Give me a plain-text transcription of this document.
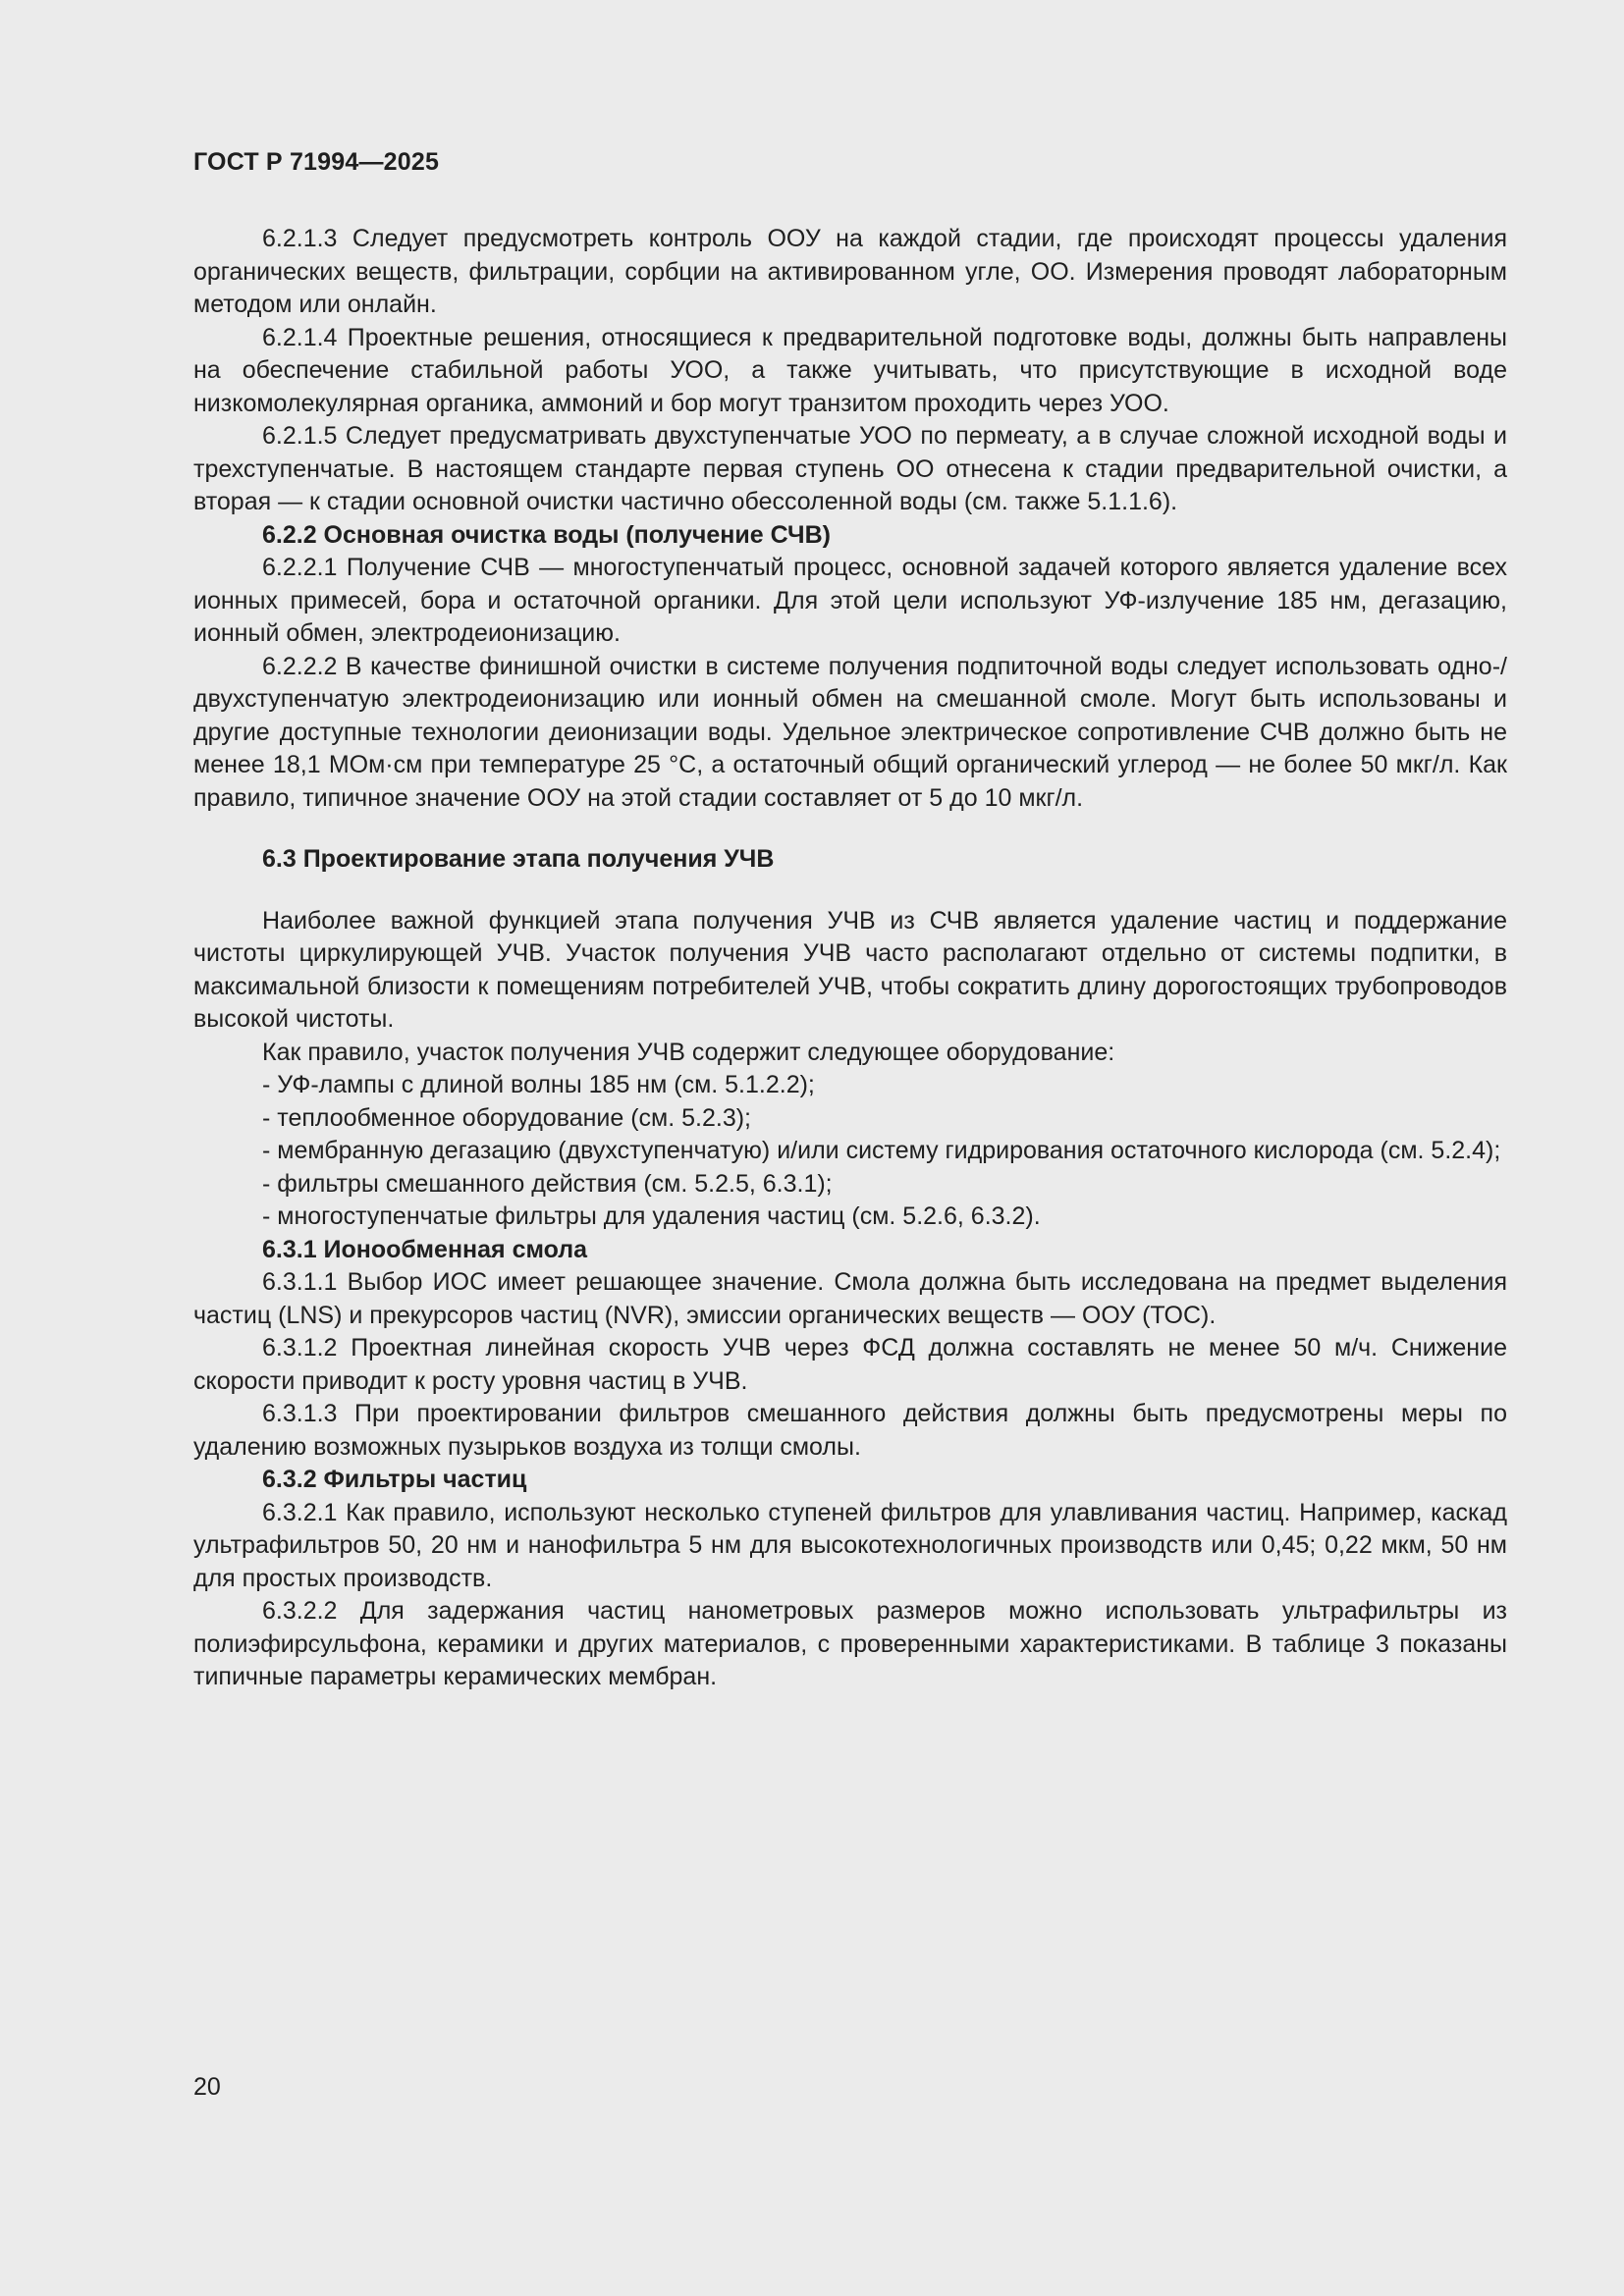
ГОСТ Р 71994—2025

6.2.1.3 Следует предусмотреть контроль ООУ на каждой стадии, где происходят процессы удаления органических веществ, фильтрации, сорбции на активированном угле, ОО. Измерения проводят лабораторным методом или онлайн.

6.2.1.4 Проектные решения, относящиеся к предварительной подготовке воды, должны быть направлены на обеспечение стабильной работы УОО, а также учитывать, что присутствующие в исходной воде низкомолекулярная органика, аммоний и бор могут транзитом проходить через УОО.

6.2.1.5 Следует предусматривать двухступенчатые УОО по пермеату, а в случае сложной исходной воды и трехступенчатые. В настоящем стандарте первая ступень ОО отнесена к стадии предварительной очистки, а вторая — к стадии основной очистки частично обессоленной воды (см. также 5.1.1.6).

6.2.2 Основная очистка воды (получение СЧВ)

6.2.2.1 Получение СЧВ — многоступенчатый процесс, основной задачей которого является удаление всех ионных примесей, бора и остаточной органики. Для этой цели используют УФ-излучение 185 нм, дегазацию, ионный обмен, электродеионизацию.

6.2.2.2 В качестве финишной очистки в системе получения подпиточной воды следует использовать одно-/двухступенчатую электродеионизацию или ионный обмен на смешанной смоле. Могут быть использованы и другие доступные технологии деионизации воды. Удельное электрическое сопротивление СЧВ должно быть не менее 18,1 МОм·см при температуре 25 °С, а остаточный общий органический углерод — не более 50 мкг/л. Как правило, типичное значение ООУ на этой стадии составляет от 5 до 10 мкг/л.

6.3 Проектирование этапа получения УЧВ

Наиболее важной функцией этапа получения УЧВ из СЧВ является удаление частиц и поддержание чистоты циркулирующей УЧВ. Участок получения УЧВ часто располагают отдельно от системы подпитки, в максимальной близости к помещениям потребителей УЧВ, чтобы сократить длину дорогостоящих трубопроводов высокой чистоты.

Как правило, участок получения УЧВ содержит следующее оборудование:

- УФ-лампы с длиной волны 185 нм (см. 5.1.2.2);

- теплообменное оборудование (см. 5.2.3);

- мембранную дегазацию (двухступенчатую) и/или систему гидрирования остаточного кислорода (см. 5.2.4);

- фильтры смешанного действия (см. 5.2.5, 6.3.1);

- многоступенчатые фильтры для удаления частиц (см. 5.2.6, 6.3.2).

6.3.1 Ионообменная смола

6.3.1.1 Выбор ИОС имеет решающее значение. Смола должна быть исследована на предмет выделения частиц (LNS) и прекурсоров частиц (NVR), эмиссии органических веществ — ООУ (ТОС).

6.3.1.2 Проектная линейная скорость УЧВ через ФСД должна составлять не менее 50 м/ч. Снижение скорости приводит к росту уровня частиц в УЧВ.

6.3.1.3 При проектировании фильтров смешанного действия должны быть предусмотрены меры по удалению возможных пузырьков воздуха из толщи смолы.

6.3.2 Фильтры частиц

6.3.2.1 Как правило, используют несколько ступеней фильтров для улавливания частиц. Например, каскад ультрафильтров 50, 20 нм и нанофильтра 5 нм для высокотехнологичных производств или 0,45; 0,22 мкм, 50 нм для простых производств.

6.3.2.2 Для задержания частиц нанометровых размеров можно использовать ультрафильтры из полиэфирсульфона, керамики и других материалов, с проверенными характеристиками. В таблице 3 показаны типичные параметры керамических мембран.

20
